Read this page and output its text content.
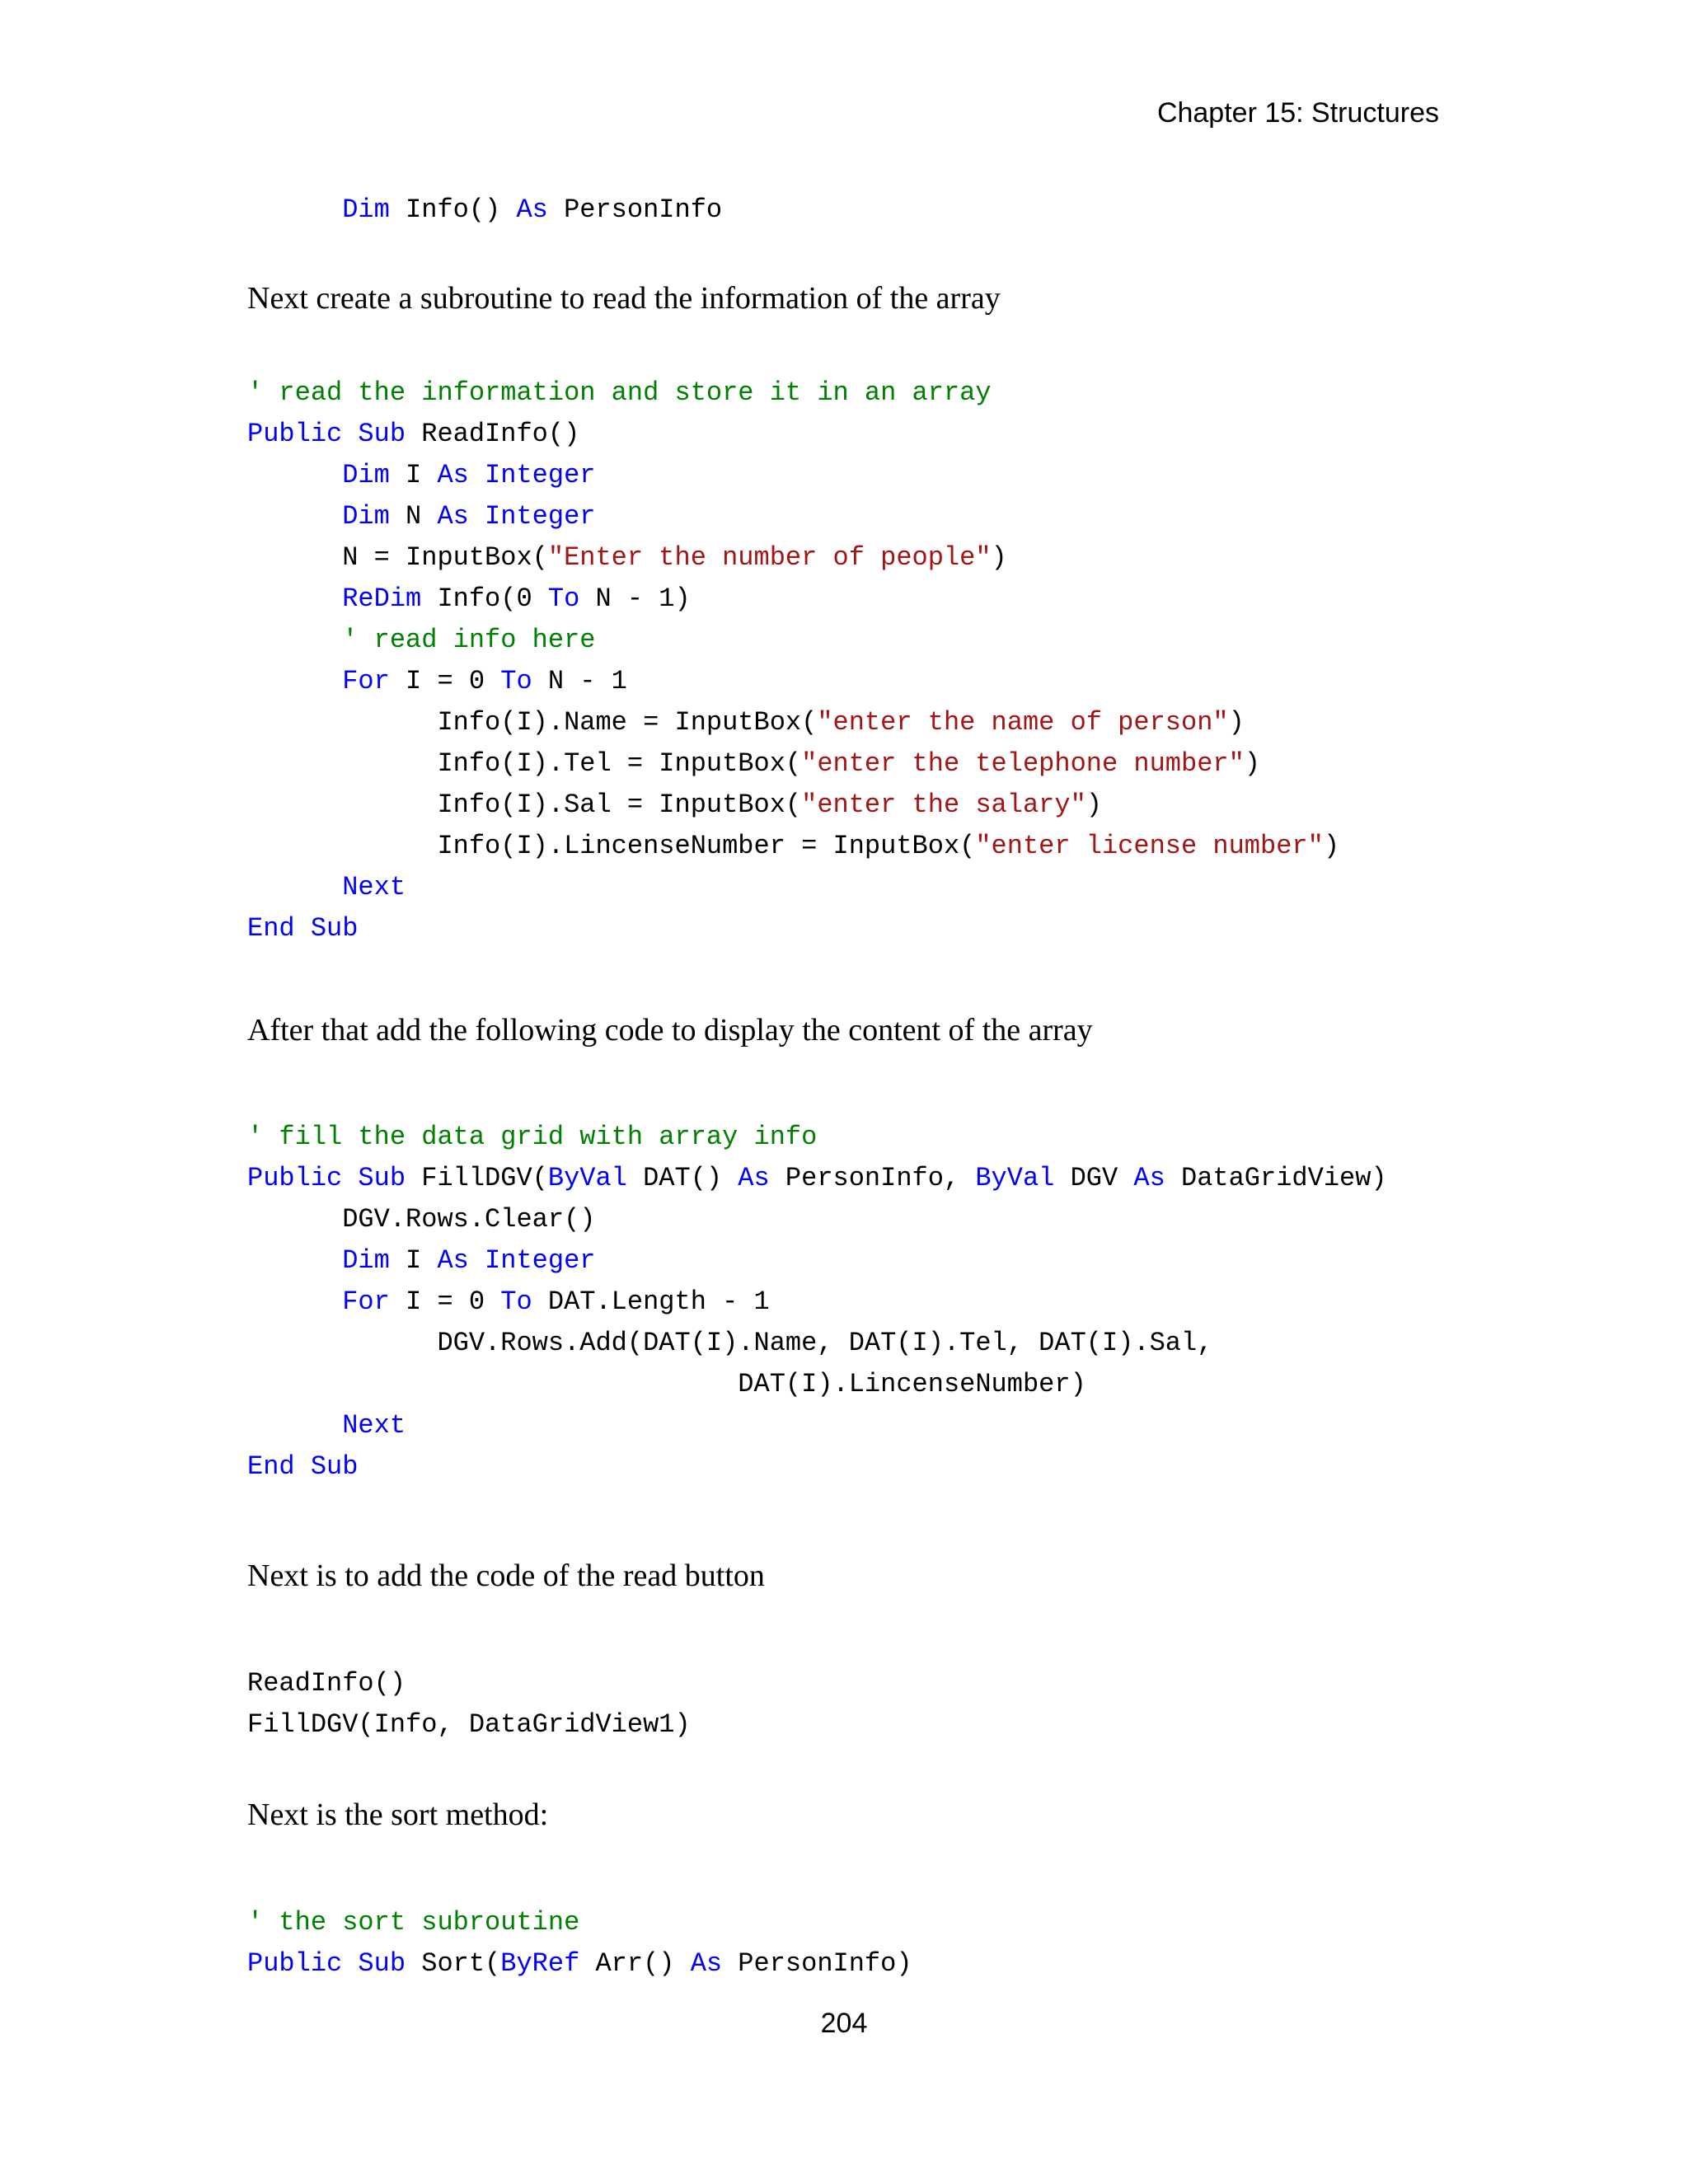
Chapter 15: Structures
Dim Info() As PersonInfo
Next create a subroutine to read the information of the array
' read the information and store it in an array
Public Sub ReadInfo()
Dim I As Integer
Dim N As Integer
N = InputBox("Enter the number of people")
ReDim Info(0 To N - 1)
' read info here
For I = 0 To N - 1
Info(I).Name = InputBox("enter the name of person")
Info(I).Tel = InputBox("enter the telephone number")
Info(I).Sal = InputBox("enter the salary")
Info(I).LincenseNumber = InputBox("enter license number")
Next
End Sub
After that add the following code to display the content of the array
' fill the data grid with array info
Public Sub FillDGV(ByVal DAT() As PersonInfo, ByVal DGV As DataGridView)
DGV.Rows.Clear()
Dim I As Integer
For I = 0 To DAT.Length - 1
DGV.Rows.Add(DAT(I).Name, DAT(I).Tel, DAT(I).Sal,
DAT(I).LincenseNumber)
Next
End Sub
Next is to add the code of the read button
ReadInfo()
FillDGV(Info, DataGridView1)
Next is the sort method:
' the sort subroutine
Public Sub Sort(ByRef Arr() As PersonInfo)
204
